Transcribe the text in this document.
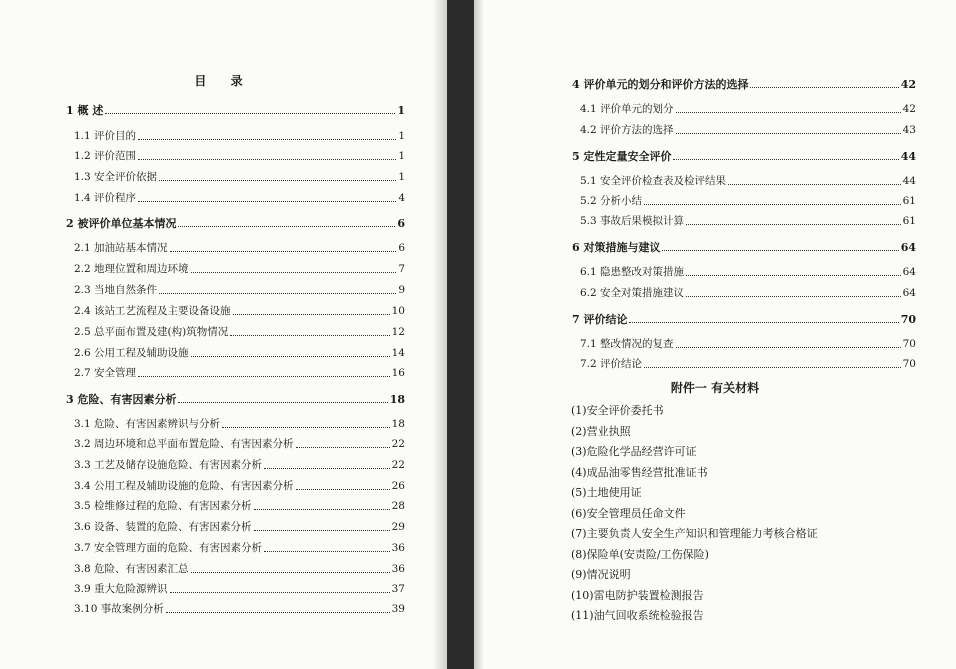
目 录
附件一 有关材料
1 概 述	1
1.1 评价目的	1
1.2 评价范围	1
1.3 安全评价依据	1
1.4 评价程序	4
2 被评价单位基本情况	6
2.1 加油站基本情况	6
2.2 地理位置和周边环境	7
2.3 当地自然条件	9
2.4 该站工艺流程及主要设备设施	10
2.5 总平面布置及建(构)筑物情况	12
2.6 公用工程及辅助设施	14
2.7 安全管理	16
3 危险、有害因素分析	18
3.1 危险、有害因素辨识与分析	18
3.2 周边环境和总平面布置危险、有害因素分析	22
3.3 工艺及储存设施危险、有害因素分析	22
3.4 公用工程及辅助设施的危险、有害因素分析	26
3.5 检维修过程的危险、有害因素分析	28
3.6 设备、装置的危险、有害因素分析	29
3.7 安全管理方面的危险、有害因素分析	36
3.8 危险、有害因素汇总	36
3.9 重大危险源辨识	37
3.10 事故案例分析	39
4 评价单元的划分和评价方法的选择	42
4.1 评价单元的划分	42
4.2 评价方法的选择	43
5 定性定量安全评价	44
5.1 安全评价检查表及检评结果	44
5.2 分析小结	61
5.3 事故后果模拟计算	61
6 对策措施与建议	64
6.1 隐患整改对策措施	64
6.2 安全对策措施建议	64
7 评价结论	70
7.1 整改情况的复查	70
7.2 评价结论	70
(1)安全评价委托书
(2)营业执照
(3)危险化学品经营许可证
(4)成品油零售经营批准证书
(5)土地使用证
(6)安全管理员任命文件
(7)主要负责人安全生产知识和管理能力考核合格证
(8)保险单(安责险/工伤保险)
(9)情况说明
(10)雷电防护装置检测报告
(11)油气回收系统检验报告
